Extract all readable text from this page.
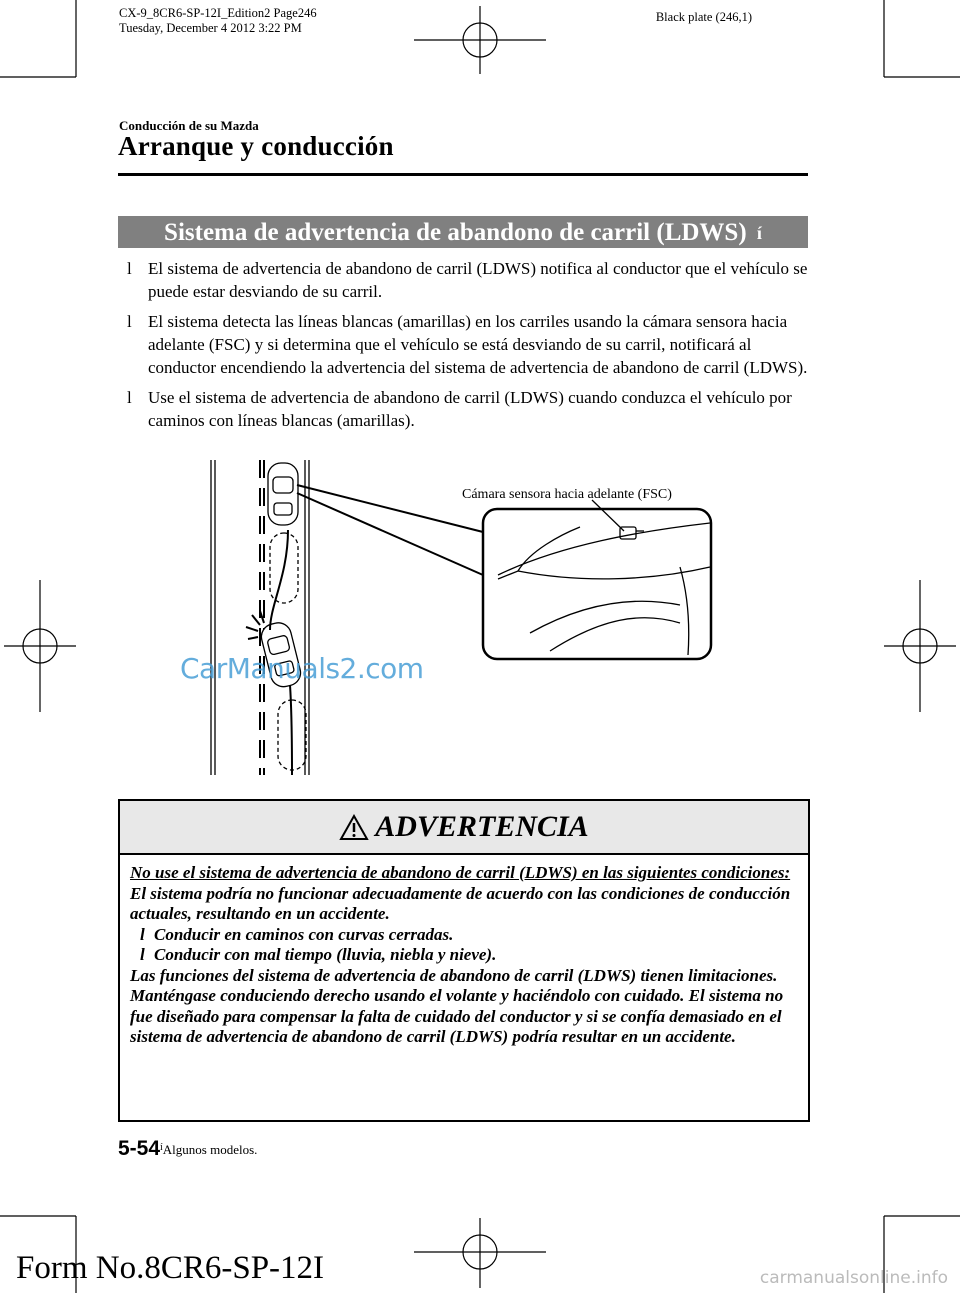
CX-9_8CR6-SP-12I_Edition2 Page246
Tuesday, December 4 2012 3:22 PM
Black plate (246,1)
Conducción de su Mazda
Arranque y conducción
Sistema de advertencia de abandono de carril (LDWS) $^í$
l El sistema de advertencia de abandono de carril (LDWS) notifica al conductor que el vehículo se puede estar desviando de su carril.
l El sistema detecta las líneas blancas (amarillas) en los carriles usando la cámara sensora hacia adelante (FSC) y si determina que el vehículo se está desviando de su carril, notificará al conductor encendiendo la advertencia del sistema de advertencia de abandono de carril (LDWS).
l Use el sistema de advertencia de abandono de carril (LDWS) cuando conduzca el vehículo por caminos con líneas blancas (amarillas).
Cámara sensora hacia adelante (FSC)
CarManuals2.com
ADVERTENCIA
No use el sistema de advertencia de abandono de carril (LDWS) en las siguientes condiciones:
El sistema podría no funcionar adecuadamente de acuerdo con las condiciones de conducción actuales, resultando en un accidente.
l Conducir en caminos con curvas cerradas.
l Conducir con mal tiempo (lluvia, niebla y nieve).
Las funciones del sistema de advertencia de abandono de carril (LDWS) tienen limitaciones.
Manténgase conduciendo derecho usando el volante y haciéndolo con cuidado. El sistema no fue diseñado para compensar la falta de cuidado del conductor y si se confía demasiado en el sistema de advertencia de abandono de carril (LDWS) podría resultar en un accidente.
5-54 $^í$Algunos modelos.
Form No.8CR6-SP-12I	carmanualsonline.info
